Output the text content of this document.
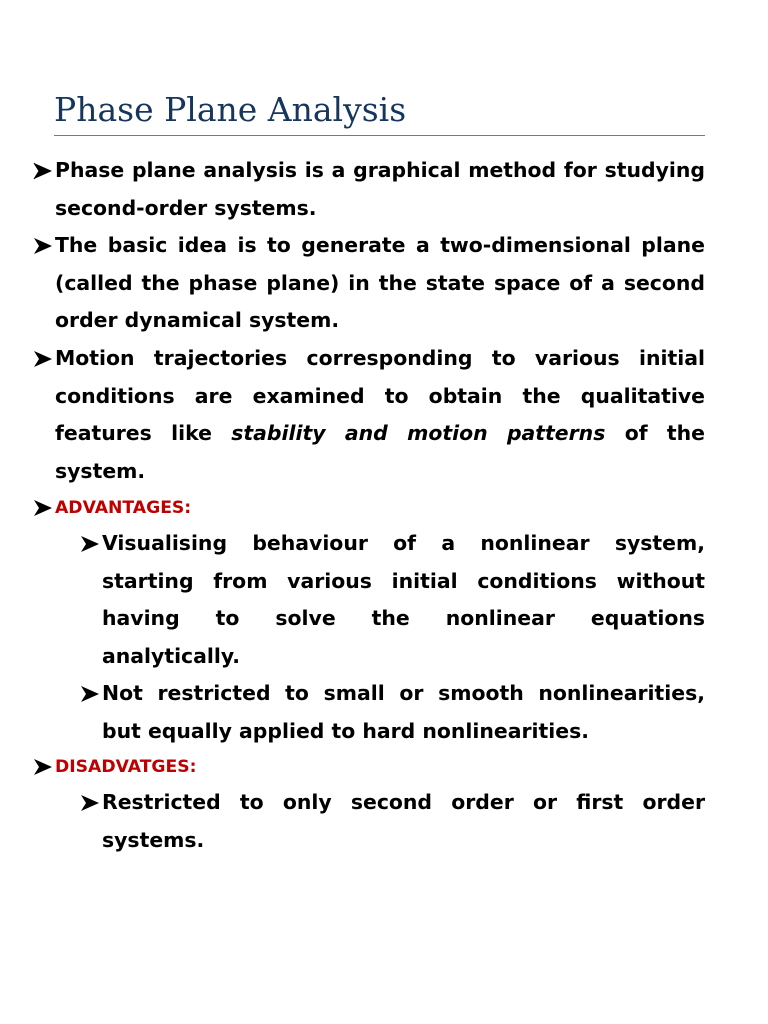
Phase Plane Analysis
Phase plane analysis is a graphical method for studying second-order systems.
The basic idea is to generate a two-dimensional plane (called the phase plane) in the state space of a second order dynamical system.
Motion trajectories corresponding to various initial conditions are examined to obtain the qualitative features like stability and motion patterns of the system.
ADVANTAGES:
Visualising behaviour of a nonlinear system, starting from various initial conditions without having to solve the nonlinear equations analytically.
Not restricted to small or smooth nonlinearities, but equally applied to hard nonlinearities.
DISADVATGES:
Restricted to only second order or first order systems.
